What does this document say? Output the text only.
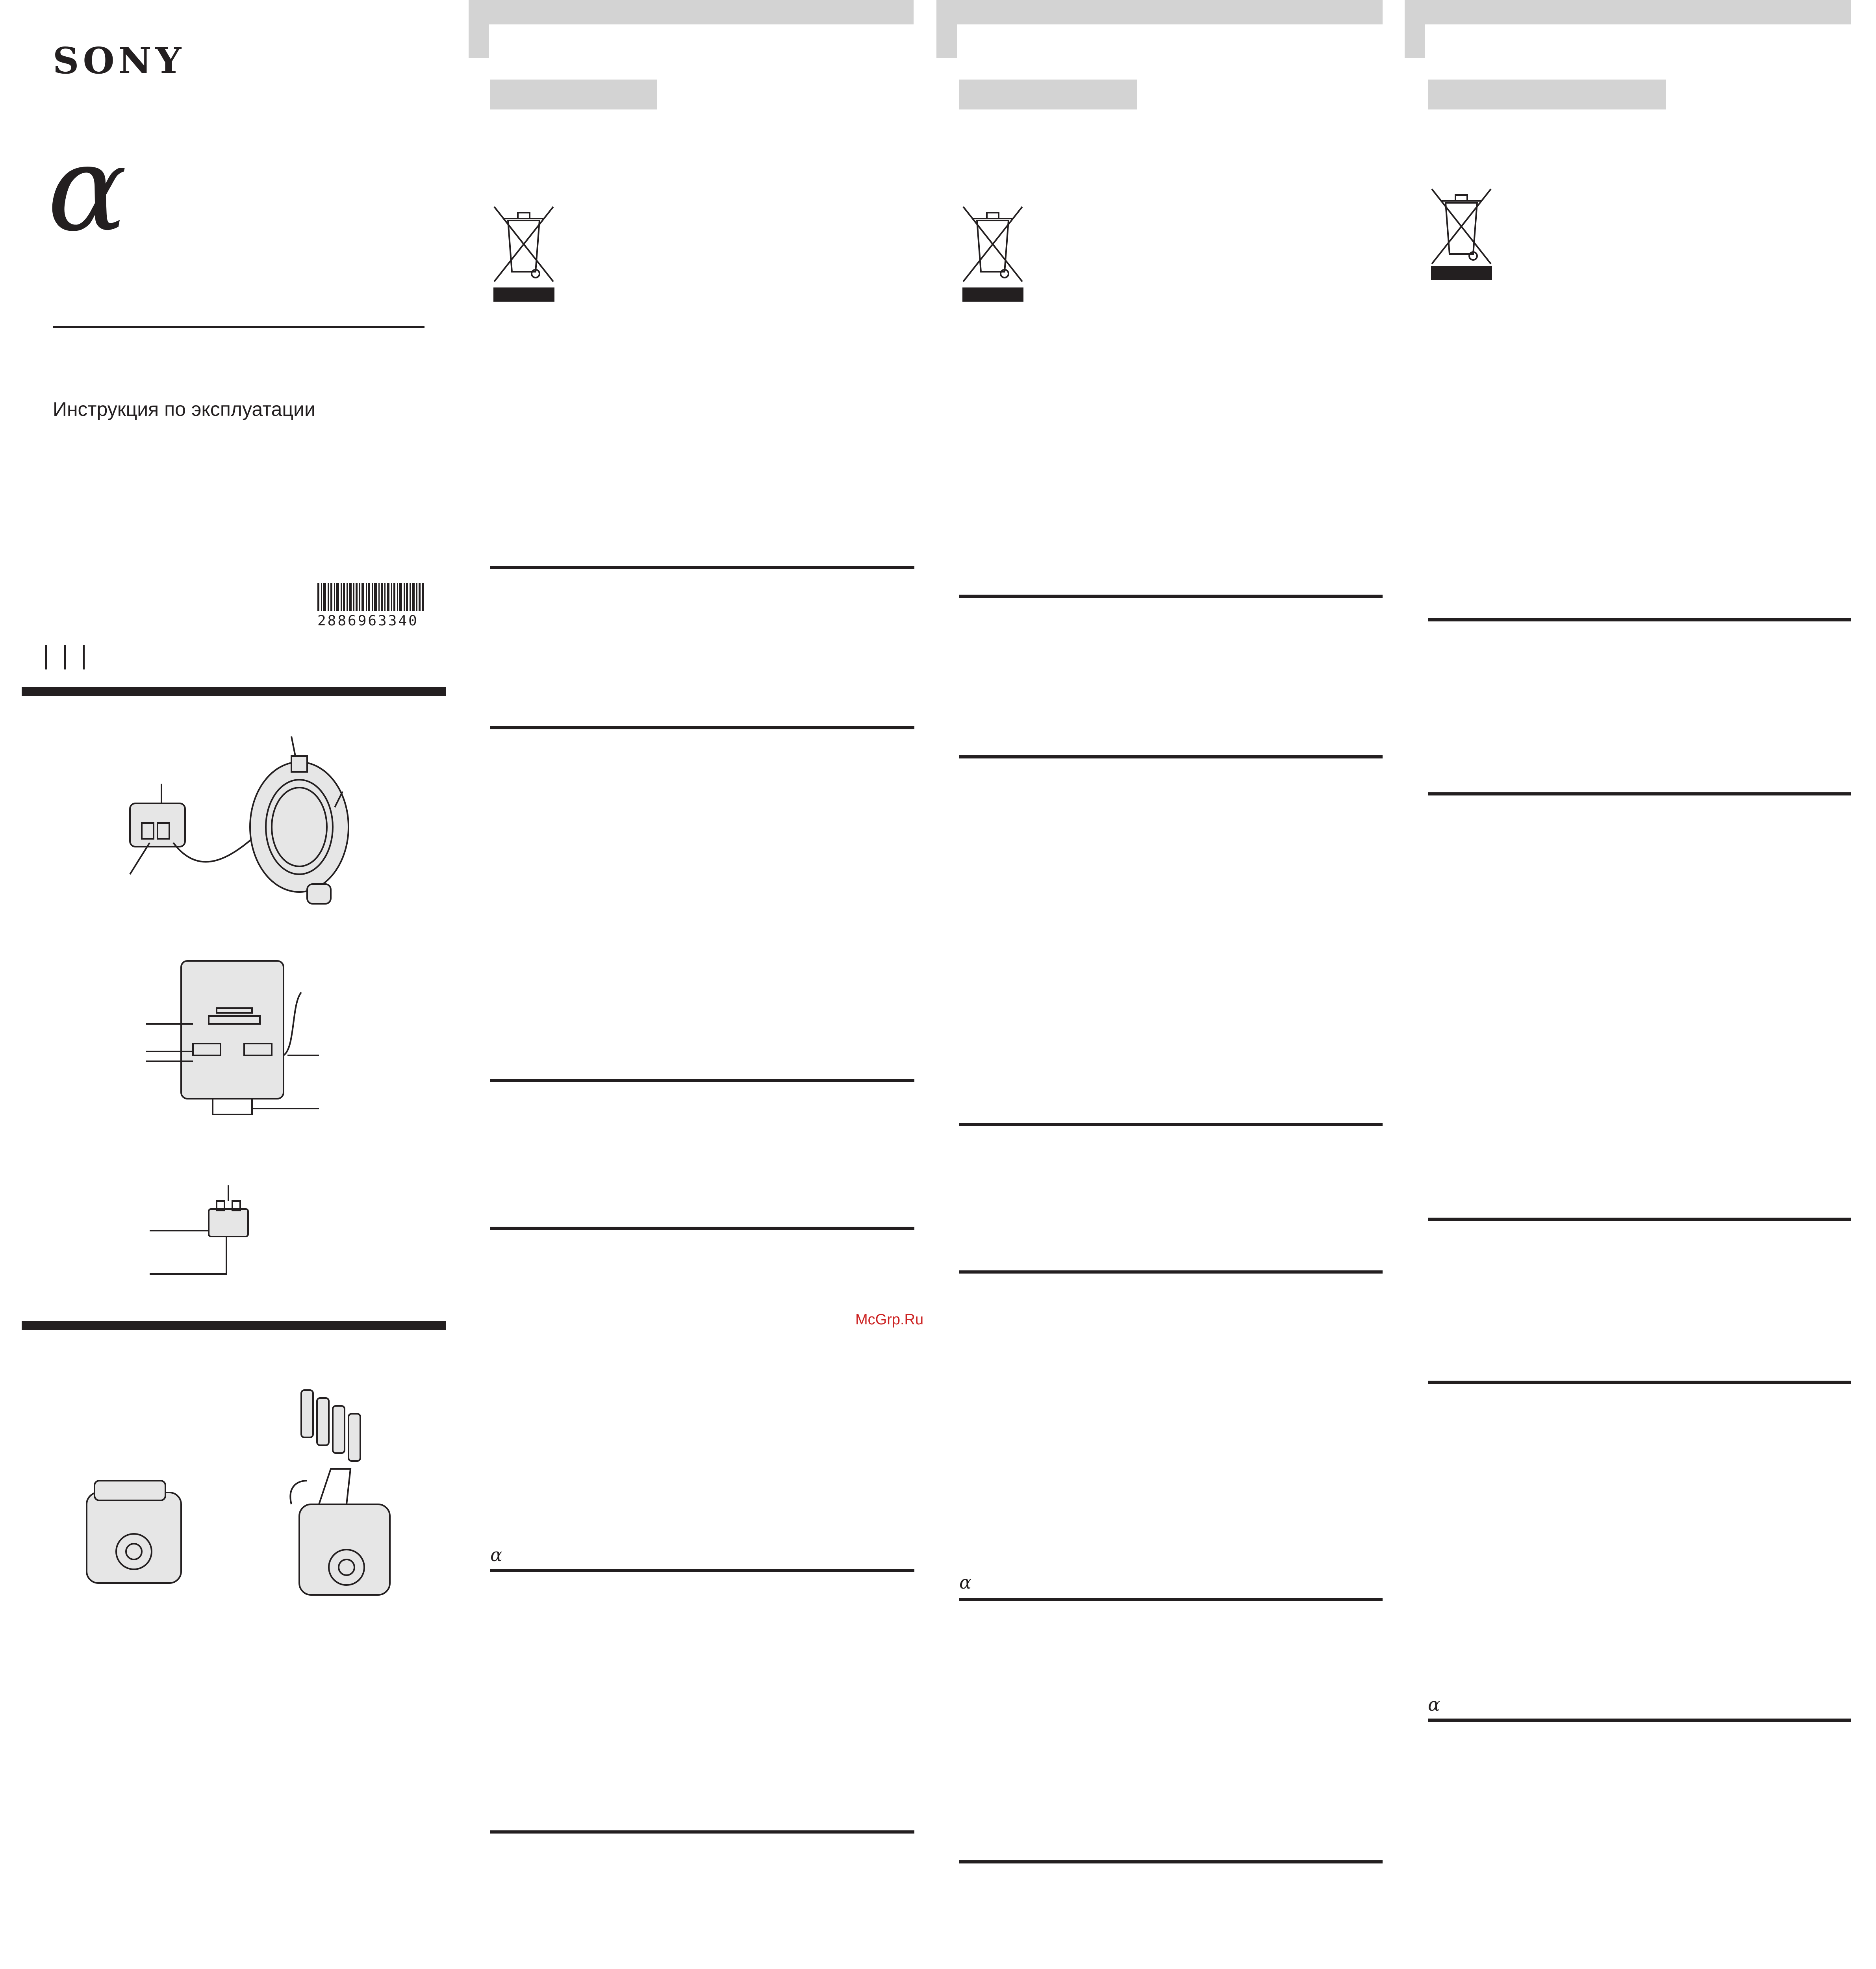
SONY
α
Инструкция по эксплуатации
2886963340
α
α
α
McGrp.Ru
